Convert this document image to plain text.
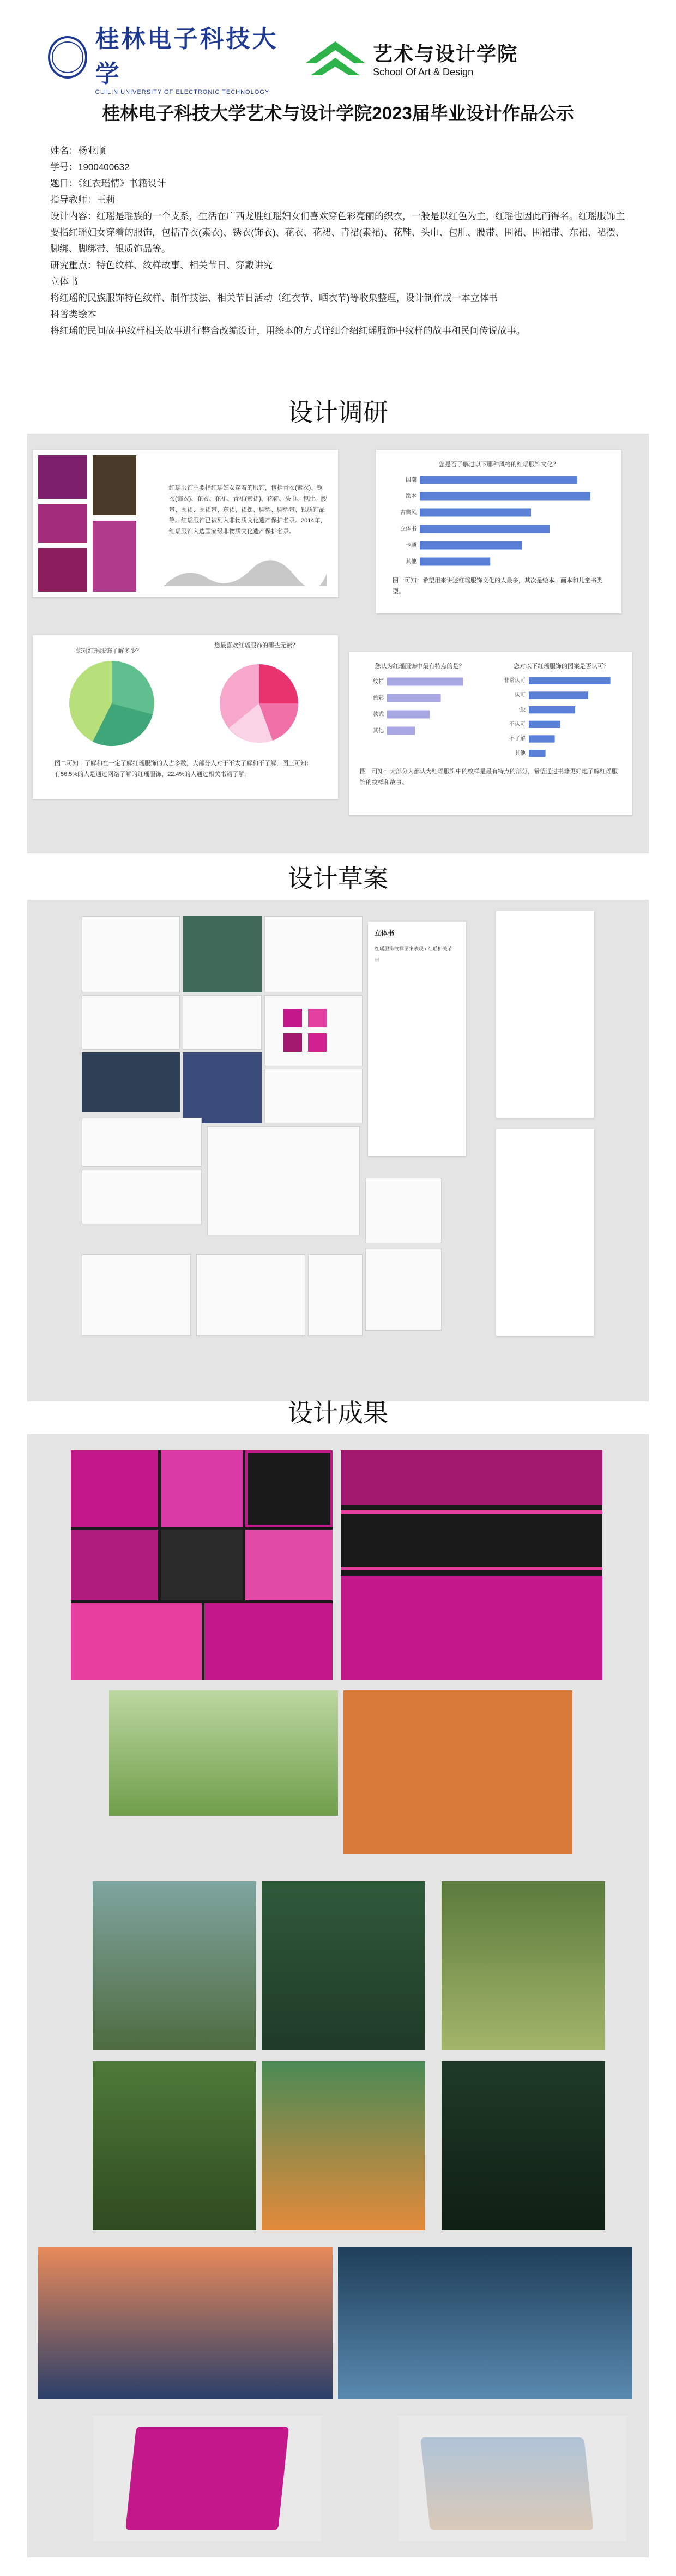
桂林电子科技大学
GUILIN UNIVERSITY OF ELECTRONIC TECHNOLOGY
艺术与设计学院
School Of Art & Design
桂林电子科技大学艺术与设计学院2023届毕业设计作品公示

姓名：杨业顺

学号：1900400632

题目：《红衣瑶情》书籍设计

指导教师：王莉

设计内容：红瑶是瑶族的一个支系，生活在广西龙胜红瑶妇女们喜欢穿色彩亮丽的织衣，一般是以红色为主，红瑶也因此而得名。红瑶服饰主要指红瑶妇女穿着的服饰，包括青衣(素衣)、锈衣(饰衣)、花衣、花裙、青裙(素裙)、花鞋、头巾、包肚、腰带、围裙、围裙带、东裙、裙摆、脚绑、脚绑带、银质饰品等。

研究重点：特色纹样、纹样故事、相关节日、穿戴讲究

立体书

将红瑶的民族服饰特色纹样、制作技法、相关节日活动（红衣节、晒衣节)等收集整理，设计制作成一本立体书

科普类绘本

将红瑶的民间故事\纹样相关故事进行整合改编设计，用绘本的方式详细介绍红瑶服饰中纹样的故事和民间传说故事。

设计调研
红瑶服饰主要指红瑶妇女穿着的服饰，包括青衣(素衣)、锈衣(饰衣)、花衣、花裙、青裙(素裙)、花鞋、头巾、包肚、腰带、围裙、围裙带、东裙、裙摆、脚绑、脚绑带、银质饰品等。红瑶服饰已被列入非物质文化遗产保护名录。2014年，红瑶服饰入选国家级非物质文化遗产保护名录。
您是否了解过以下哪种风格的红瑶服饰文化？
国潮
绘本
古典风
立体书
卡通
其他
图一可知：希望用来讲述红瑶服饰文化的人最多，其次是绘本、画本和儿童书类型。
您对红瑶服饰了解多少？
您最喜欢红瑶服饰的哪些元素？
图二可知：了解和在一定了解红瑶服饰的人占多数，大部分人对于不太了解和不了解，图三可知：有56.5%的人是通过网络了解的红瑶服饰，22.4%的人通过相关书籍了解。
您认为红瑶服饰中最有特点的是？	您对以下红瑶服饰的图案是否认可？
纹样
色彩
款式
其他
非常认可
认可
一般
不认可
不了解
其他
图一可知：大部分人都认为红瑶服饰中的纹样是最有特点的部分，希望通过书籍更好地了解红瑶服饰的纹样和故事。
设计草案
立体书
红瑶服饰纹样图案表现 / 红瑶相关节日
设计成果
